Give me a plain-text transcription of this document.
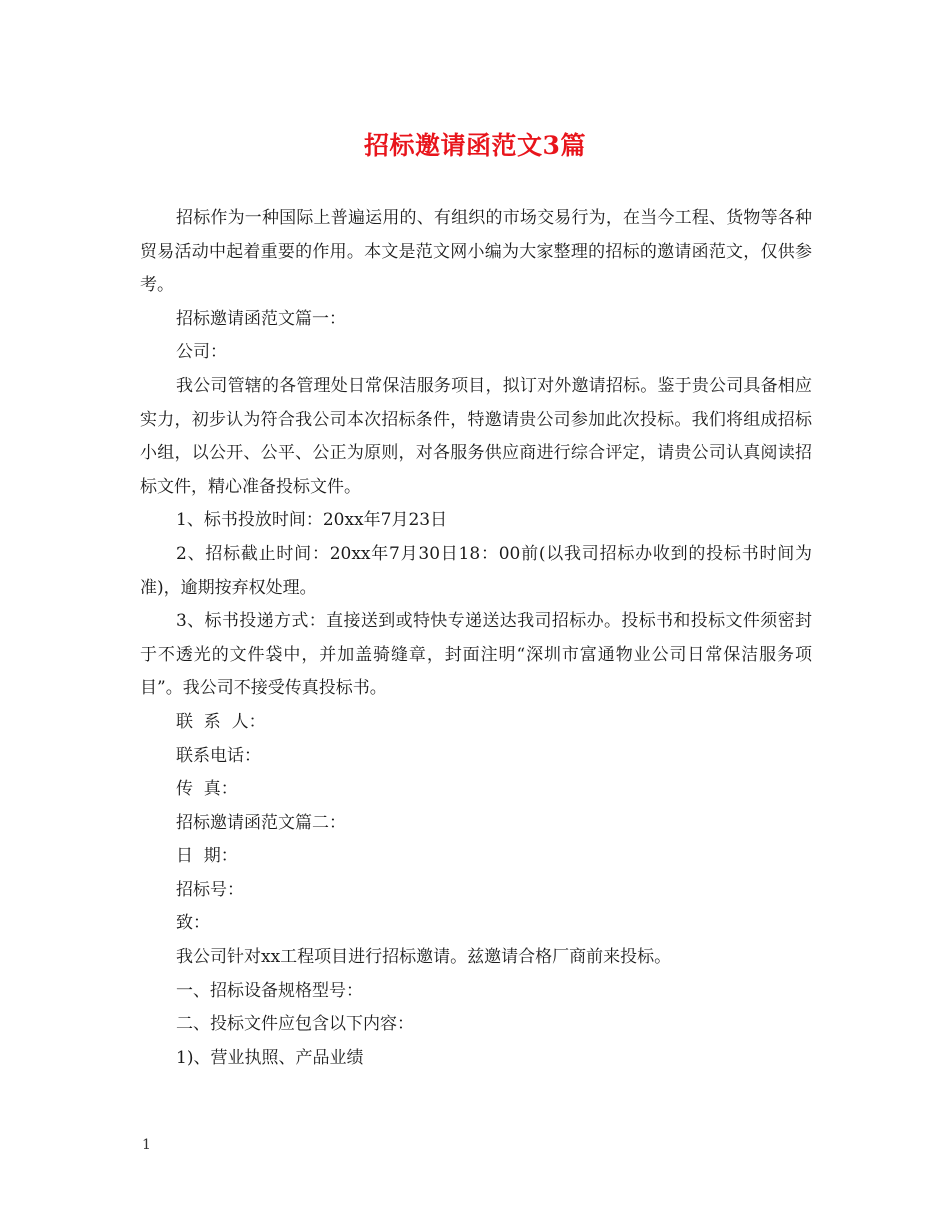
招标邀请函范文3篇

招标作为一种国际上普遍运用的、有组织的市场交易行为，在当今工程、货物等各种贸易活动中起着重要的作用。本文是范文网小编为大家整理的招标的邀请函范文，仅供参考。

招标邀请函范文篇一：

公司：

我公司管辖的各管理处日常保洁服务项目，拟订对外邀请招标。鉴于贵公司具备相应实力，初步认为符合我公司本次招标条件，特邀请贵公司参加此次投标。我们将组成招标小组，以公开、公平、公正为原则，对各服务供应商进行综合评定，请贵公司认真阅读招标文件，精心准备投标文件。

1、标书投放时间：20xx年7月23日

2、招标截止时间：20xx年7月30日18：00前(以我司招标办收到的投标书时间为准)，逾期按弃权处理。

3、标书投递方式：直接送到或特快专递送达我司招标办。投标书和投标文件须密封于不透光的文件袋中，并加盖骑缝章，封面注明“深圳市富通物业公司日常保洁服务项目”。我公司不接受传真投标书。

联  系  人：

联系电话：

传  真：

招标邀请函范文篇二：

日  期：

招标号：

致：

我公司针对xx工程项目进行招标邀请。兹邀请合格厂商前来投标。

一、招标设备规格型号：

二、投标文件应包含以下内容：

1)、营业执照、产品业绩

1
